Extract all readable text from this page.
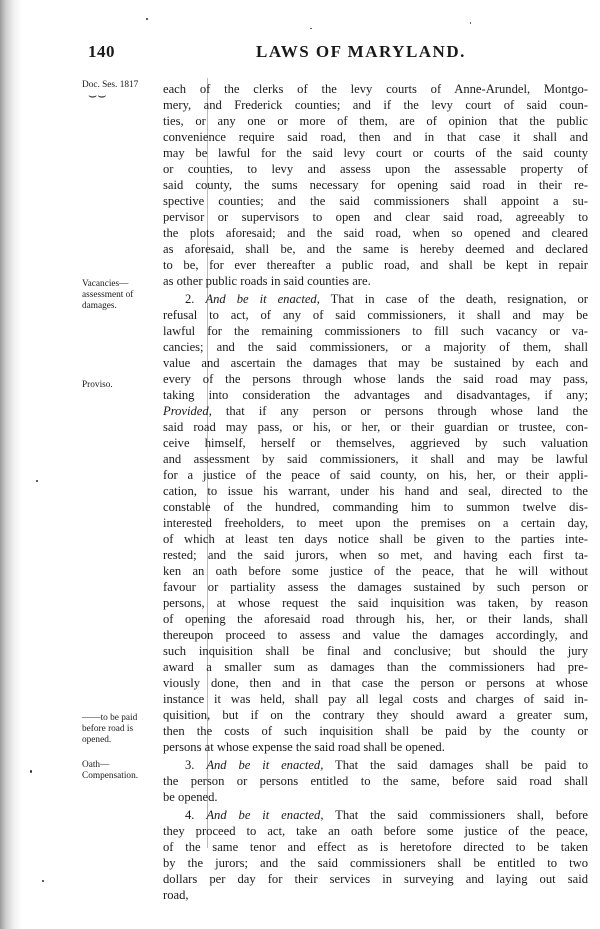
140	LAWS OF MARYLAND.
Doc. Ses. 1817
Vacancies—assessment of damages.
Proviso.
——to be paid before road is opened.
Oath—Compensation.
⌣⌣	each of the clerks of the levy courts of Anne-Arundel, Montgo-
mery, and Frederick counties; and if the levy court of said coun-
ties, or any one or more of them, are of opinion that the public
convenience require said road, then and in that case it shall and
may be lawful for the said levy court or courts of the said county
or counties, to levy and assess upon the assessable property of
said county, the sums necessary for opening said road in their re-
spective counties; and the said commissioners shall appoint a su-
pervisor or supervisors to open and clear said road, agreeably to
the plots aforesaid; and the said road, when so opened and cleared
as aforesaid, shall be, and the same is hereby deemed and declared
to be, for ever thereafter a public road, and shall be kept in repair
as other public roads in said counties are.
2. And be it enacted, That in case of the death, resignation, or
refusal to act, of any of said commissioners, it shall and may be
lawful for the remaining commissioners to fill such vacancy or va-
cancies; and the said commissioners, or a majority of them, shall
value and ascertain the damages that may be sustained by each and
every of the persons through whose lands the said road may pass,
taking into consideration the advantages and disadvantages, if any;
Provided, that if any person or persons through whose land the
said road may pass, or his, or her, or their guardian or trustee, con-
ceive himself, herself or themselves, aggrieved by such valuation
and assessment by said commissioners, it shall and may be lawful
for a justice of the peace of said county, on his, her, or their appli-
cation, to issue his warrant, under his hand and seal, directed to the
constable of the hundred, commanding him to summon twelve dis-
interested freeholders, to meet upon the premises on a certain day,
of which at least ten days notice shall be given to the parties inte-
rested; and the said jurors, when so met, and having each first ta-
ken an oath before some justice of the peace, that he will without
favour or partiality assess the damages sustained by such person or
persons, at whose request the said inquisition was taken, by reason
of opening the aforesaid road through his, her, or their lands, shall
thereupon proceed to assess and value the damages accordingly, and
such inquisition shall be final and conclusive; but should the jury
award a smaller sum as damages than the commissioners had pre-
viously done, then and in that case the person or persons at whose
instance it was held, shall pay all legal costs and charges of said in-
quisition, but if on the contrary they should award a greater sum,
then the costs of such inquisition shall be paid by the county or
persons at whose expense the said road shall be opened.
3. And be it enacted, That the said damages shall be paid to
the person or persons entitled to the same, before said road shall
be opened.
4. And be it enacted, That the said commissioners shall, before
they proceed to act, take an oath before some justice of the peace,
of the same tenor and effect as is heretofore directed to be taken
by the jurors; and the said commissioners shall be entitled to two
dollars per day for their services in surveying and laying out said
road,
